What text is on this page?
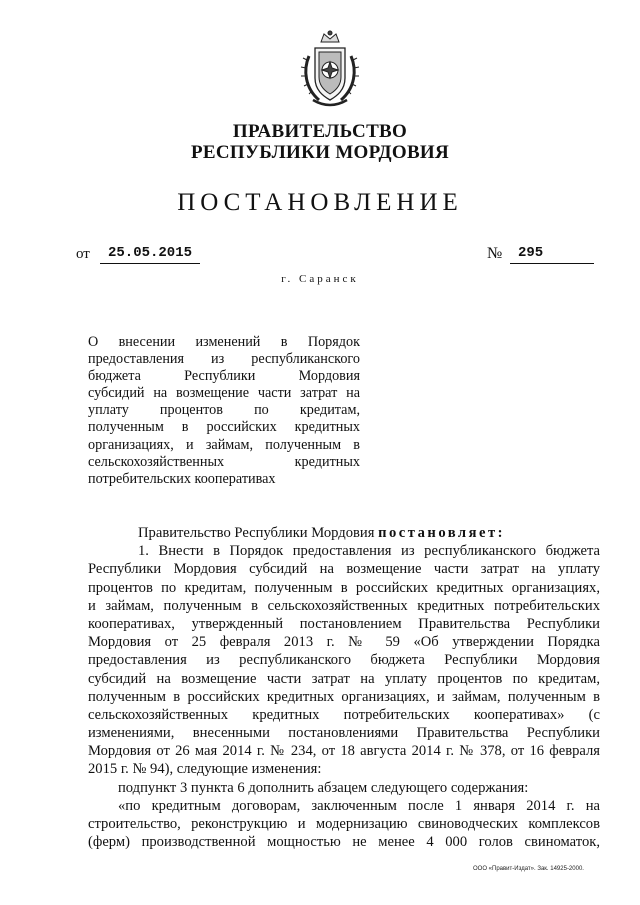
ПРАВИТЕЛЬСТВО
РЕСПУБЛИКИ МОРДОВИЯ
ПОСТАНОВЛЕНИЕ
от	25.05.2015	№	295
г. Саранск
О внесении изменений в Порядок
предоставления из республиканского
бюджета Республики Мордовия
субсидий на возмещение части затрат на
уплату процентов по кредитам,
полученным в российских кредитных
организациях, и займам, полученным в
сельскохозяйственных кредитных
потребительских кооперативах
Правительство Республики Мордовия постановляет:
1. Внести в Порядок предоставления из республиканского бюджета
Республики Мордовия субсидий на возмещение части затрат на уплату
процентов по кредитам, полученным в российских кредитных организациях,
и займам, полученным в сельскохозяйственных кредитных потребительских
кооперативах, утвержденный постановлением Правительства Республики
Мордовия от 25 февраля 2013 г. № 59 «Об утверждении Порядка
предоставления из республиканского бюджета Республики Мордовия
субсидий на возмещение части затрат на уплату процентов по кредитам,
полученным в российских кредитных организациях, и займам, полученным в
сельскохозяйственных кредитных потребительских кооперативах» (с
изменениями, внесенными постановлениями Правительства Республики
Мордовия от 26 мая 2014 г. № 234, от 18 августа 2014 г. № 378, от 16 февраля
2015 г. № 94), следующие изменения:
подпункт 3 пункта 6 дополнить абзацем следующего содержания:
«по кредитным договорам, заключенным после 1 января 2014 г. на
строительство, реконструкцию и модернизацию свиноводческих комплексов
(ферм) производственной мощностью не менее 4 000 голов свиноматок,
ООО «Правит-Издат». Зак. 14925-2000.
